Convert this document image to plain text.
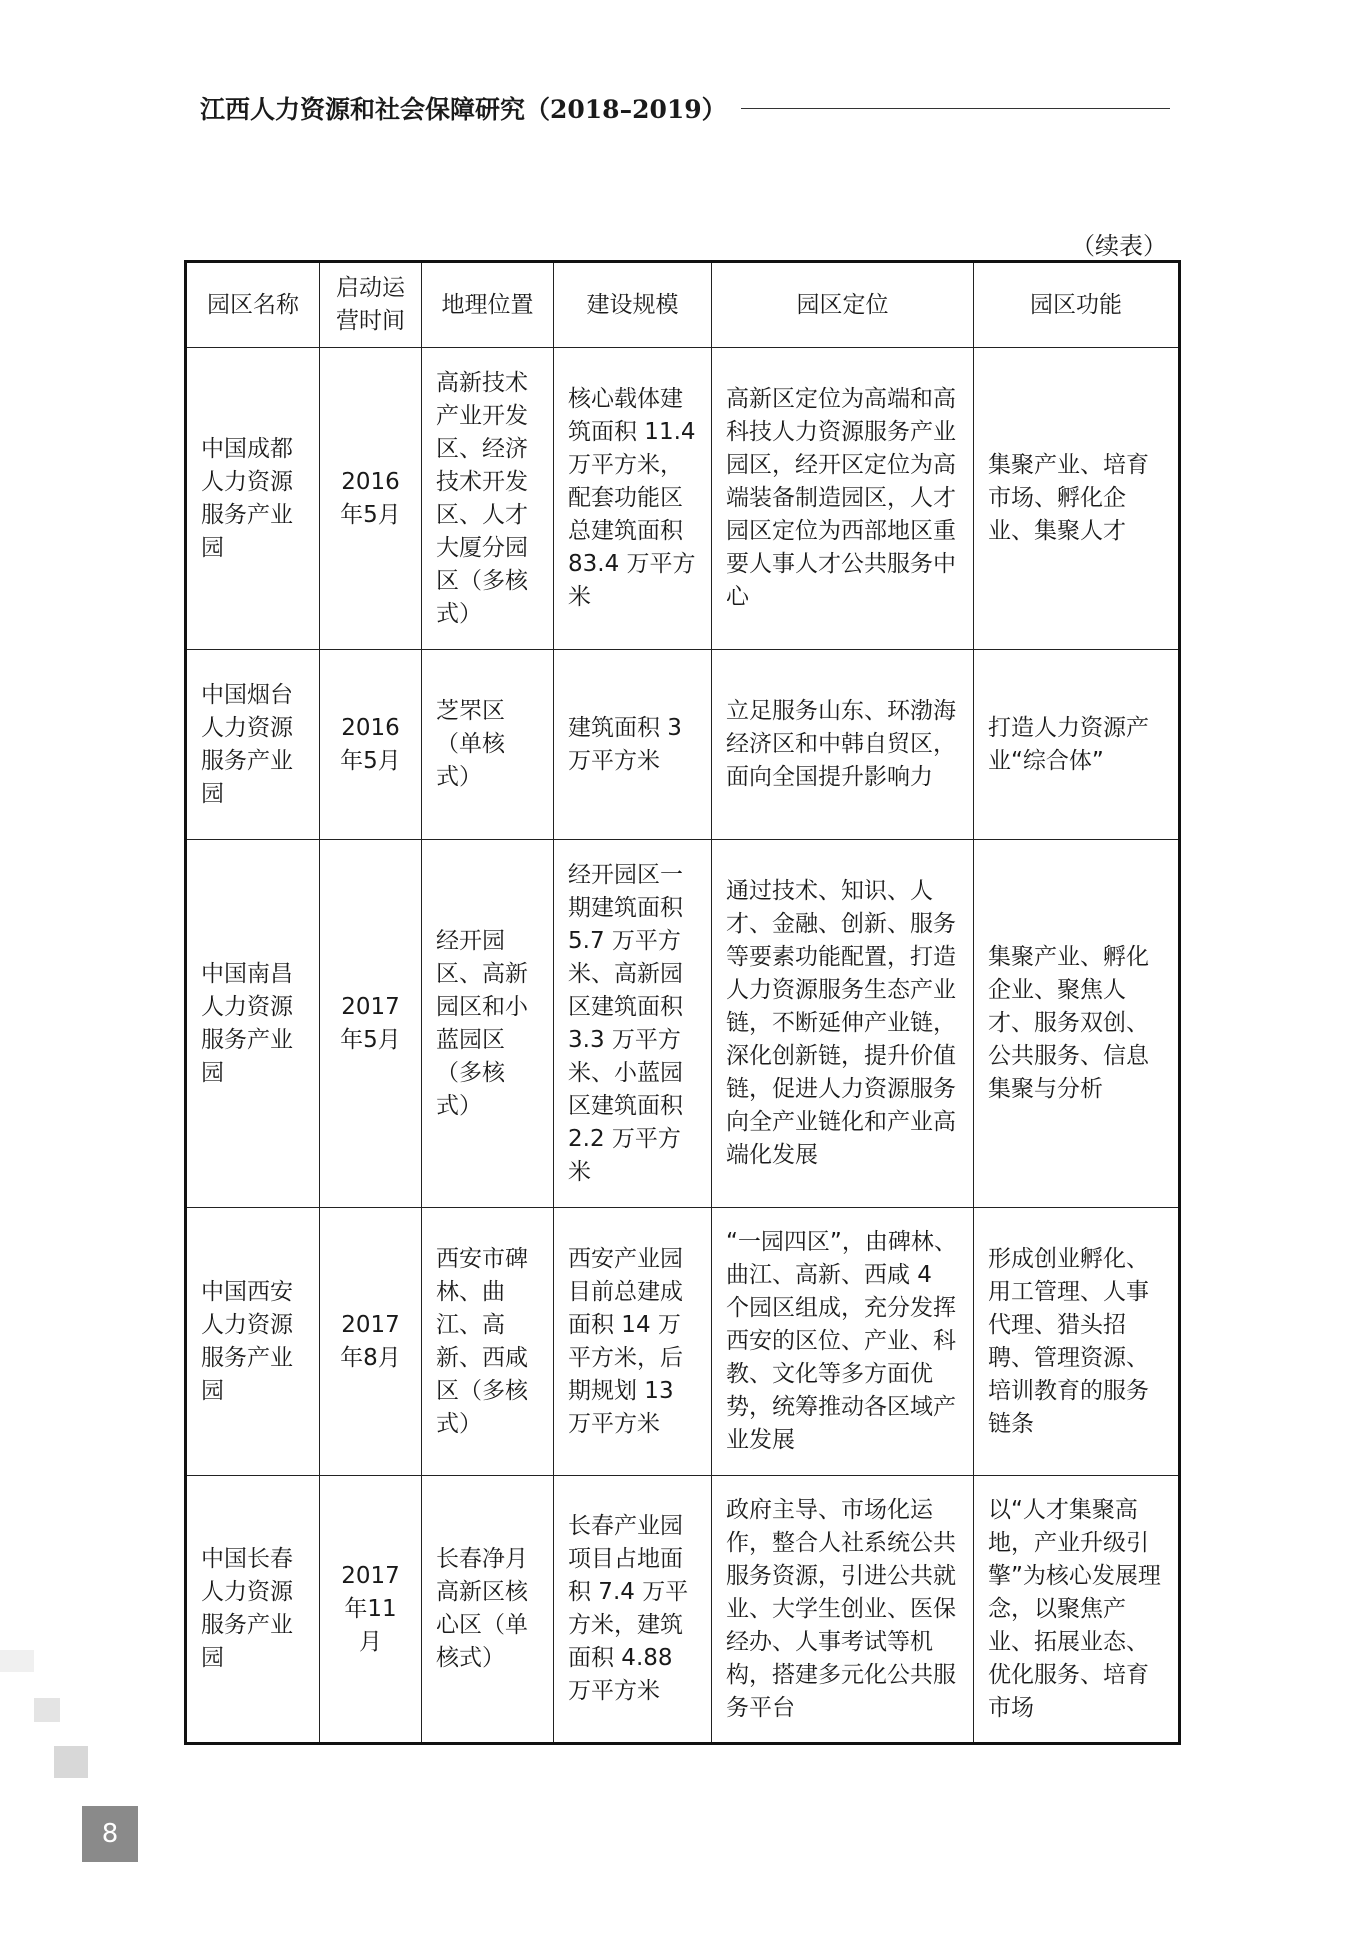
江西人力资源和社会保障研究（2018–2019）
（续表）
园区名称	启动运营时间	地理位置	建设规模	园区定位	园区功能
中国成都人力资源服务产业园	2016年5月	高新技术产业开发区、经济技术开发区、人才大厦分园区（多核式）	核心载体建筑面积 11.4 万平方米，配套功能区总建筑面积 83.4 万平方米	高新区定位为高端和高科技人力资源服务产业园区，经开区定位为高端装备制造园区，人才园区定位为西部地区重要人事人才公共服务中心	集聚产业、培育市场、孵化企业、集聚人才
中国烟台人力资源服务产业园	2016年5月	芝罘区（单核式）	建筑面积 3 万平方米	立足服务山东、环渤海经济区和中韩自贸区，面向全国提升影响力	打造人力资源产业“综合体”
中国南昌人力资源服务产业园	2017年5月	经开园区、高新园区和小蓝园区（多核式）	经开园区一期建筑面积 5.7 万平方米、高新园区建筑面积 3.3 万平方米、小蓝园区建筑面积 2.2 万平方米	通过技术、知识、人才、金融、创新、服务等要素功能配置，打造人力资源服务生态产业链，不断延伸产业链，深化创新链，提升价值链，促进人力资源服务向全产业链化和产业高端化发展	集聚产业、孵化企业、聚焦人才、服务双创、公共服务、信息集聚与分析
中国西安人力资源服务产业园	2017年8月	西安市碑林、曲江、高新、西咸区（多核式）	西安产业园目前总建成面积 14 万平方米，后期规划 13 万平方米	“一园四区”，由碑林、曲江、高新、西咸 4 个园区组成，充分发挥西安的区位、产业、科教、文化等多方面优势，统筹推动各区域产业发展	形成创业孵化、用工管理、人事代理、猎头招聘、管理资源、培训教育的服务链条
中国长春人力资源服务产业园	2017年11月	长春净月高新区核心区（单核式）	长春产业园项目占地面积 7.4 万平方米，建筑面积 4.88 万平方米	政府主导、市场化运作，整合人社系统公共服务资源，引进公共就业、大学生创业、医保经办、人事考试等机构，搭建多元化公共服务平台	以“人才集聚高地，产业升级引擎”为核心发展理念，以聚焦产业、拓展业态、优化服务、培育市场
8
